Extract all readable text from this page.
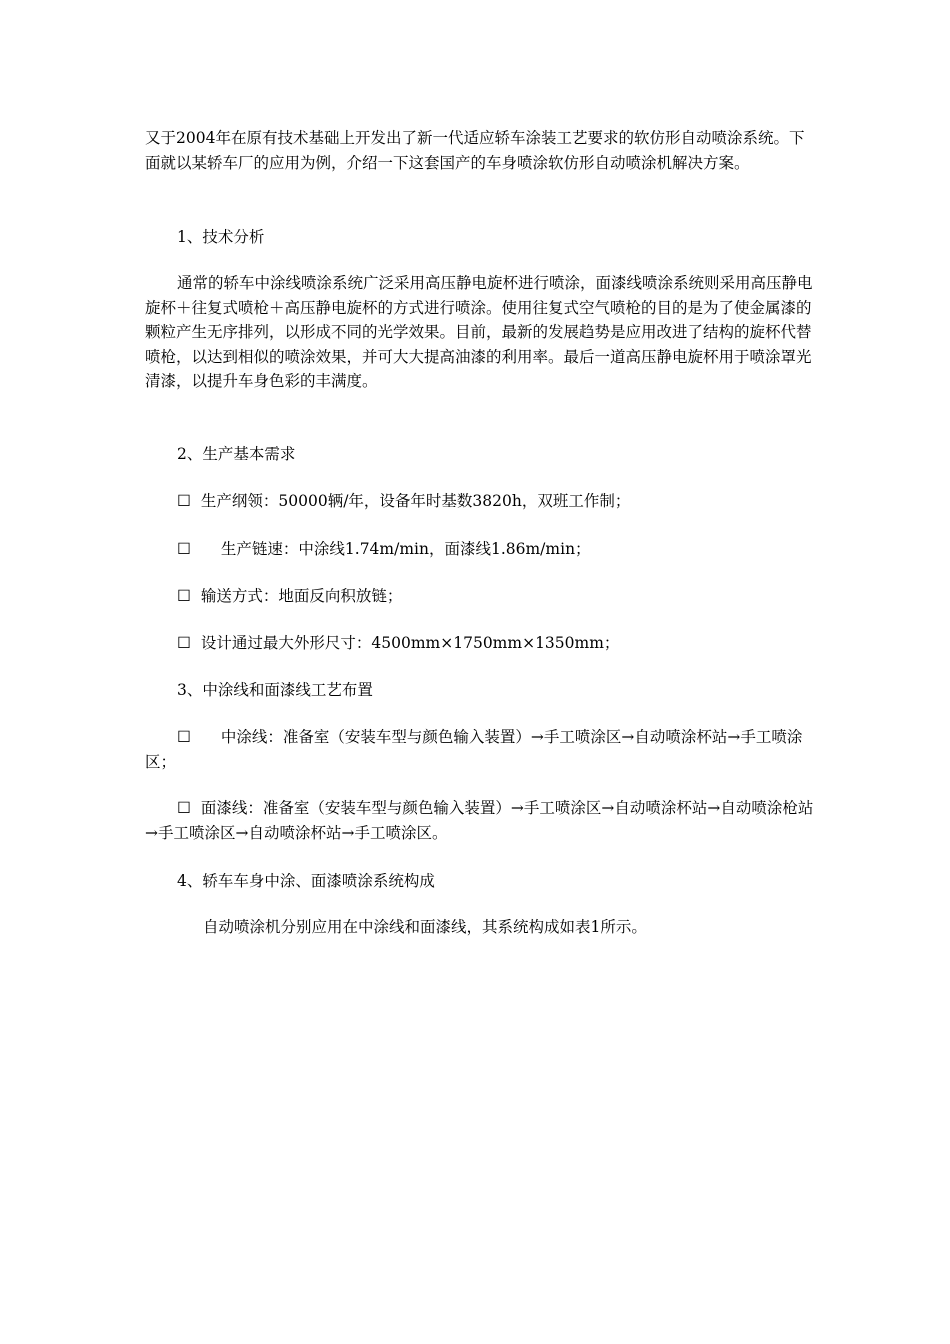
又于2004年在原有技术基础上开发出了新一代适应轿车涂装工艺要求的软仿形自动喷涂系统。下面就以某轿车厂的应用为例，介绍一下这套国产的车身喷涂软仿形自动喷涂机解决方案。

1、技术分析

通常的轿车中涂线喷涂系统广泛采用高压静电旋杯进行喷涂，面漆线喷涂系统则采用高压静电旋杯＋往复式喷枪＋高压静电旋杯的方式进行喷涂。使用往复式空气喷枪的目的是为了使金属漆的颗粒产生无序排列，以形成不同的光学效果。目前，最新的发展趋势是应用改进了结构的旋杯代替喷枪，以达到相似的喷涂效果，并可大大提高油漆的利用率。最后一道高压静电旋杯用于喷涂罩光清漆，以提升车身色彩的丰满度。

2、生产基本需求

☐ 生产纲领：50000辆/年，设备年时基数3820h，双班工作制；

☐ 生产链速：中涂线1.74m/min，面漆线1.86m/min；

☐ 输送方式：地面反向积放链；

☐ 设计通过最大外形尺寸：4500mm×1750mm×1350mm；

3、中涂线和面漆线工艺布置

☐ 中涂线：准备室（安装车型与颜色输入装置）→手工喷涂区→自动喷涂杯站→手工喷涂区；

☐ 面漆线：准备室（安装车型与颜色输入装置）→手工喷涂区→自动喷涂杯站→自动喷涂枪站→手工喷涂区→自动喷涂杯站→手工喷涂区。

4、轿车车身中涂、面漆喷涂系统构成

自动喷涂机分别应用在中涂线和面漆线，其系统构成如表1所示。
